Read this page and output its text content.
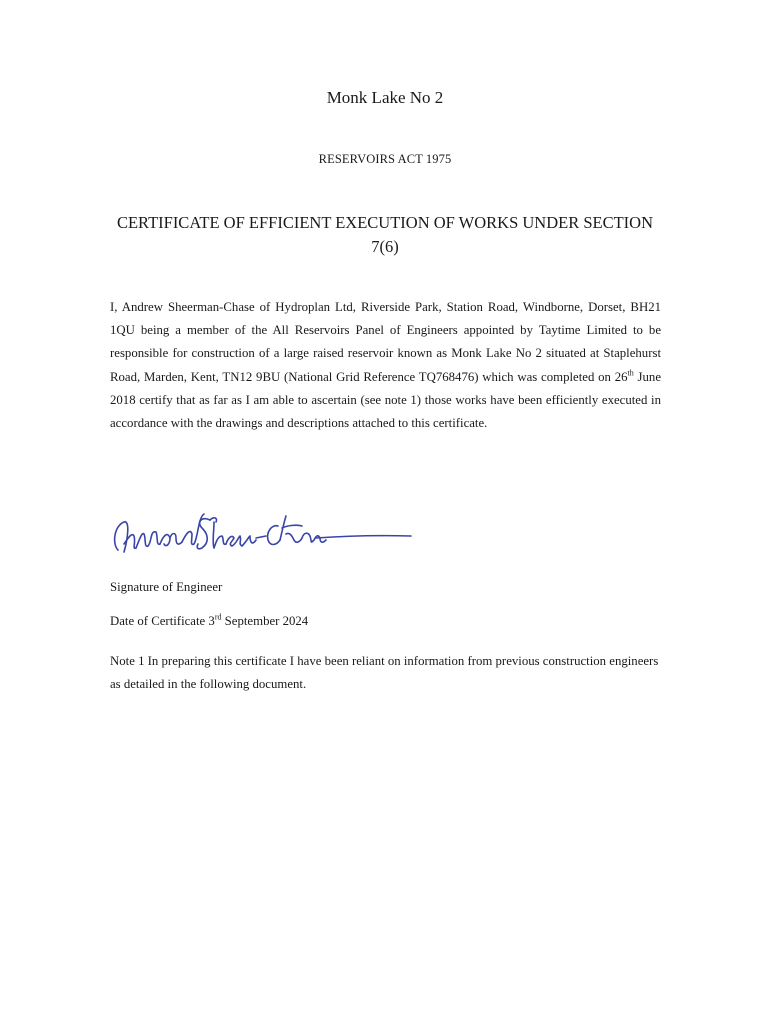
Monk Lake No 2
RESERVOIRS ACT 1975
CERTIFICATE OF EFFICIENT EXECUTION OF WORKS UNDER SECTION 7(6)

I, Andrew Sheerman-Chase of Hydroplan Ltd, Riverside Park, Station Road, Windborne, Dorset, BH21 1QU being a member of the All Reservoirs Panel of Engineers appointed by Taytime Limited to be responsible for construction of a large raised reservoir known as Monk Lake No 2 situated at Staplehurst Road, Marden, Kent, TN12 9BU (National Grid Reference TQ768476) which was completed on 26th June 2018 certify that as far as I am able to ascertain (see note 1) those works have been efficiently executed in accordance with the drawings and descriptions attached to this certificate.

Signature of Engineer
Date of Certificate 3rd September 2024
Note 1 In preparing this certificate I have been reliant on information from previous construction engineers as detailed in the following document.
